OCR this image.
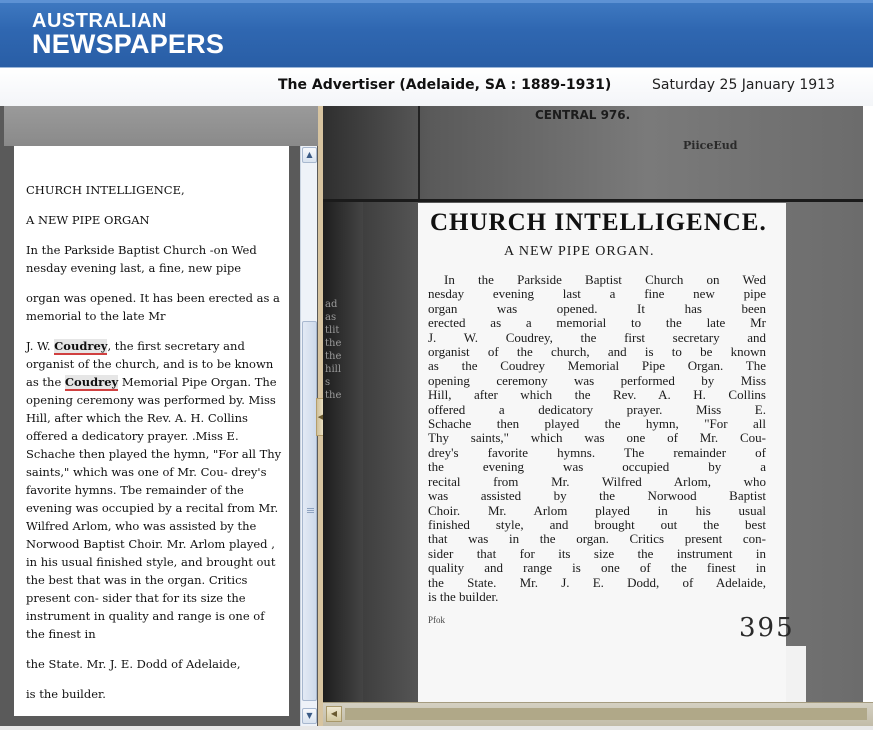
AUSTRALIAN
NEWSPAPERS
The Advertiser (Adelaide, SA : 1889-1931)	Saturday 25 January 1913

CHURCH INTELLIGENCE,

A NEW PIPE ORGAN

In the Parkside Baptist Church -on Wed nesday evening last, a fine, new pipe

organ was opened. It has been erected as a memorial to the late Mr

J. W. Coudrey, the first secretary and organist of the church, and is to be known as the Coudrey Memorial Pipe Organ. The opening ceremony was performed by. Miss Hill, after which the Rev. A. H. Collins offered a dedicatory prayer. .Miss E. Schache then played the hymn, "For all Thy saints," which was one of Mr. Cou- drey's favorite hymns. Tbe remainder of the evening was occupied by a recital from Mr. Wilfred Arlom, who was assisted by the Norwood Baptist Choir. Mr. Arlom played , in his usual finished style, and brought out the best that was in the organ. Critics present con- sider that for its size the instrument in quality and range is one of the finest in

the State. Mr. J. E. Dodd of Adelaide,

is the builder.

▲
▼
◀
CENTRAL 976.
PiiceEud
ad
as
tlit
the
the
hill
s
the
CHURCH INTELLIGENCE.
A NEW PIPE ORGAN.
In the Parkside Baptist Church on Wed
nesday evening last a fine new pipe
organ was opened. It has been
erected as a memorial to the late Mr
J. W. Coudrey, the first secretary and
organist of the church, and is to be known
as the Coudrey Memorial Pipe Organ. The
opening ceremony was performed by Miss
Hill, after which the Rev. A. H. Collins
offered a dedicatory prayer. Miss E.
Schache then played the hymn, "For all
Thy saints," which was one of Mr. Cou-
drey's favorite hymns. The remainder of
the evening was occupied by a
recital from Mr. Wilfred Arlom, who
was assisted by the Norwood Baptist
Choir. Mr. Arlom played in his usual
finished style, and brought out the best
that was in the organ. Critics present con-
sider that for its size the instrument in
quality and range is one of the finest in
the State. Mr. J. E. Dodd, of Adelaide,
is the builder.
Pfok	395
◀
